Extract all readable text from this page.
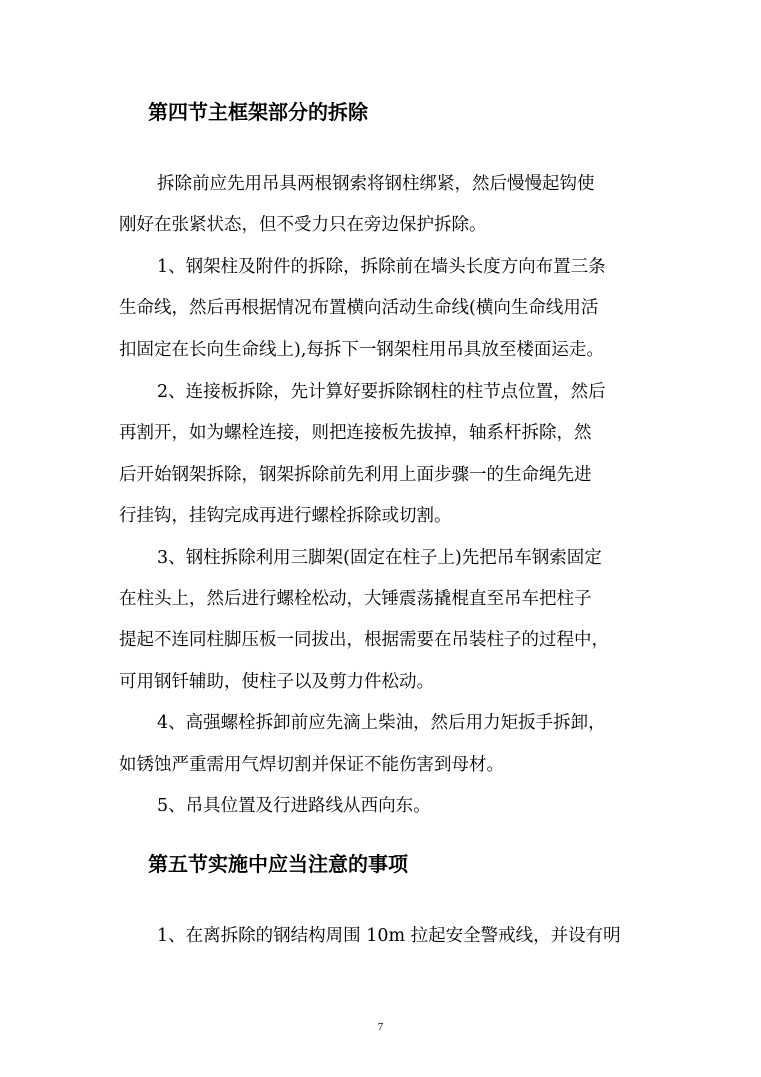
第四节主框架部分的拆除

拆除前应先用吊具两根钢索将钢柱绑紧，然后慢慢起钩使

刚好在张紧状态，但不受力只在旁边保护拆除。

1、钢架柱及附件的拆除，拆除前在墙头长度方向布置三条

生命线，然后再根据情况布置横向活动生命线(横向生命线用活

扣固定在长向生命线上),每拆下一钢架柱用吊具放至楼面运走。

2、连接板拆除，先计算好要拆除钢柱的柱节点位置，然后

再割开，如为螺栓连接，则把连接板先拔掉，轴系杆拆除，然

后开始钢架拆除，钢架拆除前先利用上面步骤一的生命绳先进

行挂钩，挂钩完成再进行螺栓拆除或切割。

3、钢柱拆除利用三脚架(固定在柱子上)先把吊车钢索固定

在柱头上，然后进行螺栓松动，大锤震荡撬棍直至吊车把柱子

提起不连同柱脚压板一同拔出，根据需要在吊装柱子的过程中，

可用钢钎辅助，使柱子以及剪力件松动。

4、高强螺栓拆卸前应先滴上柴油，然后用力矩扳手拆卸，

如锈蚀严重需用气焊切割并保证不能伤害到母材。

5、吊具位置及行进路线从西向东。

第五节实施中应当注意的事项

1、在离拆除的钢结构周围 10m 拉起安全警戒线，并设有明

7
